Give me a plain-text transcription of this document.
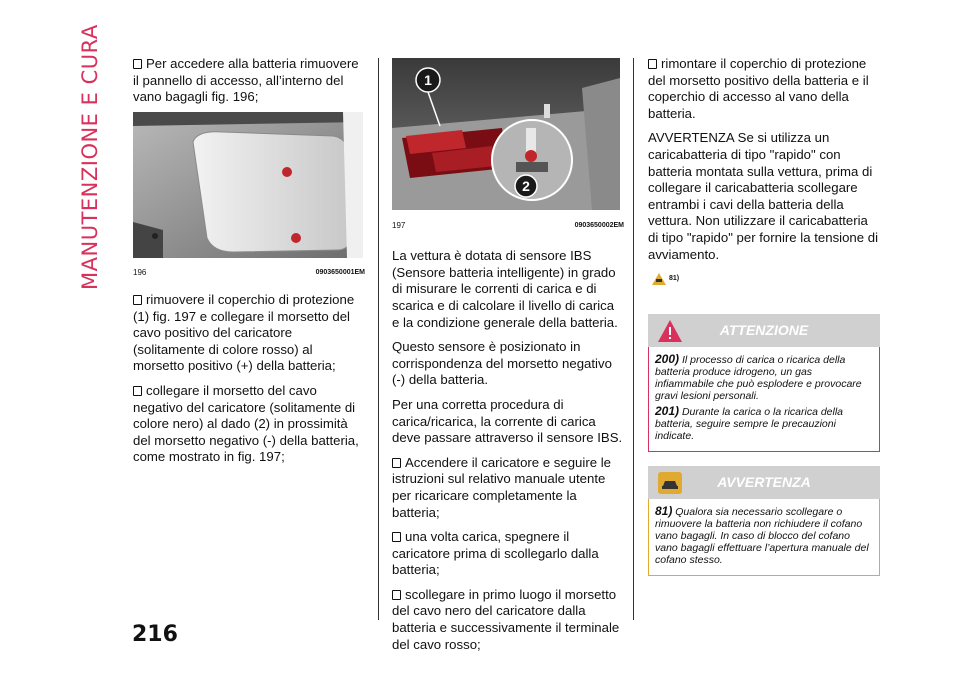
MANUTENZIONE E CURA
216

Per accedere alla batteria rimuovere il pannello di accesso, all’interno del vano bagagli fig. 196;

196	0903650001EM

rimuovere il coperchio di protezione (1) fig. 197 e collegare il morsetto del cavo positivo del caricatore (solitamente di colore rosso) al morsetto positivo (+) della batteria;

collegare il morsetto del cavo negativo del caricatore (solitamente di colore nero) al dado (2) in prossimità del morsetto negativo (-) della batteria, come mostrato in fig. 197;

1
2
197	0903650002EM

La vettura è dotata di sensore IBS (Sensore batteria intelligente) in grado di misurare le correnti di carica e di scarica e di calcolare il livello di carica e la condizione generale della batteria.

Questo sensore è posizionato in corrispondenza del morsetto negativo (-) della batteria.

Per una corretta procedura di carica/ricarica, la corrente di carica deve passare attraverso il sensore IBS.

Accendere il caricatore e seguire le istruzioni sul relativo manuale utente per ricaricare completamente la batteria;

una volta carica, spegnere il caricatore prima di scollegarlo dalla batteria;

scollegare in primo luogo il morsetto del cavo nero del caricatore dalla batteria e successivamente il terminale del cavo rosso;

rimontare il coperchio di protezione del morsetto positivo della batteria e il coperchio di accesso al vano della batteria.

AVVERTENZA Se si utilizza un caricabatteria di tipo "rapido" con batteria montata sulla vettura, prima di collegare il caricabatteria scollegare entrambi i cavi della batteria della vettura. Non utilizzare il caricabatteria di tipo "rapido" per fornire la tensione di avviamento.

81)
ATTENZIONE

200) Il processo di carica o ricarica della batteria produce idrogeno, un gas infiammabile che può esplodere e provocare gravi lesioni personali.

201) Durante la carica o la ricarica della batteria, seguire sempre le precauzioni indicate.

AVVERTENZA

81) Qualora sia necessario scollegare o rimuovere la batteria non richiudere il cofano vano bagagli. In caso di blocco del cofano vano bagagli effettuare l’apertura manuale del cofano stesso.
